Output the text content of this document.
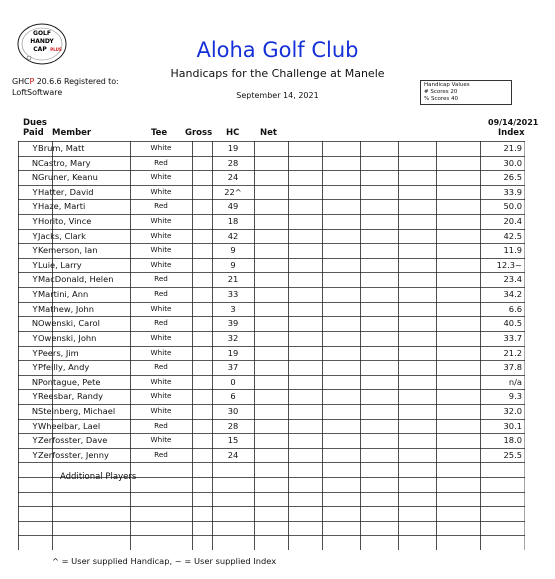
GOLF
HANDY
CAP PLUS
GHCP 20.6.6 Registered to:
LoftSoftware
Aloha Golf Club
Handicaps for the Challenge at Manele
September 14, 2021
Handicap Values
# Scores 20
% Scores 40
Dues
Paid Member	Tee Gross HC Net
09/14/2021
Index
Y Brum, Matt	White	19	21.9
N Castro, Mary	Red	28	30.0
N Gruner, Keanu	White	24	26.5
Y Hatter, David	White	22^	33.9
Y Haze, Marti	Red	49	50.0
Y Horito, Vince	White	18	20.4
Y Jacks, Clark	White	42	42.5
Y Kemerson, Ian	White	9	11.9
Y Luie, Larry	White	9	12.3~
Y MacDonald, Helen	Red	21	23.4
Y Martini, Ann	Red	33	34.2
Y Mathew, John	White	3	6.6
N Owenski, Carol	Red	39	40.5
Y Owenski, John	White	32	33.7
Y Peers, Jim	White	19	21.2
Y Pfeilly, Andy	Red	37	37.8
N Pontague, Pete	White	0	n/a
Y Reesbar, Randy	White	6	9.3
N Steinberg, Michael	White	30	32.0
Y Wheelbar, Lael	Red	28	30.1
Y Zerfosster, Dave	White	15	18.0
Y Zerfosster, Jenny	Red	24	25.5
Additional Players
^ = User supplied Handicap, ~ = User supplied Index
